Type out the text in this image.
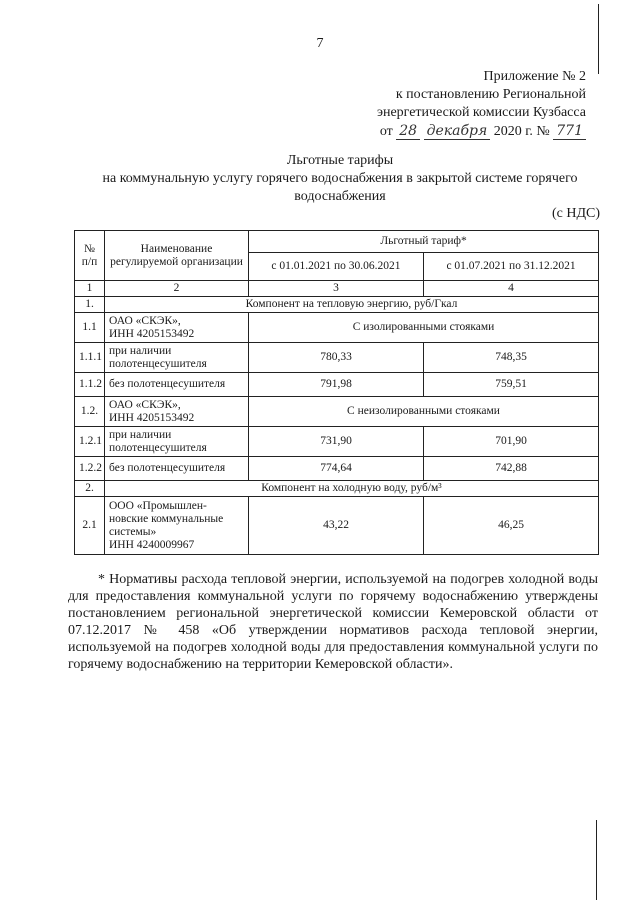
7
Приложение № 2
к постановлению Региональной
энергетической комиссии Кузбасса
от 28 декабря 2020 г. № 771
Льготные тарифы
на коммунальную услугу горячего водоснабжения в закрытой системе горячего водоснабжения
(с НДС)
№ п/п	Наименование регулируемой организации	Льготный тариф*	
		с 01.01.2021 по 30.06.2021	с 01.07.2021 по 31.12.2021
1	2	3	4
1.	Компонент на тепловую энергию, руб/Гкал		
1.1	ОАО «СКЭК»,
ИНН 4205153492	С изолированными стояками	
1.1.1	при наличии полотенцесушителя	780,33	748,35
1.1.2	без полотенцесушителя	791,98	759,51
1.2.	ОАО «СКЭК»,
ИНН 4205153492	С неизолированными стояками	
1.2.1	при наличии полотенцесушителя	731,90	701,90
1.2.2	без полотенцесушителя	774,64	742,88
2.	Компонент на холодную воду, руб/м³		
2.1	ООО «Промышлен-
новские коммунальные
системы»
ИНН 4240009967	43,22	46,25
* Нормативы расхода тепловой энергии, используемой на подогрев холодной воды для предоставления коммунальной услуги по горячему водоснабжению утверждены постановлением региональной энергетической комиссии Кемеровской области от 07.12.2017 № 458 «Об утверждении нормативов расхода тепловой энергии, используемой на подогрев холодной воды для предоставления коммунальной услуги по горячему водоснабжению на территории Кемеровской области».
